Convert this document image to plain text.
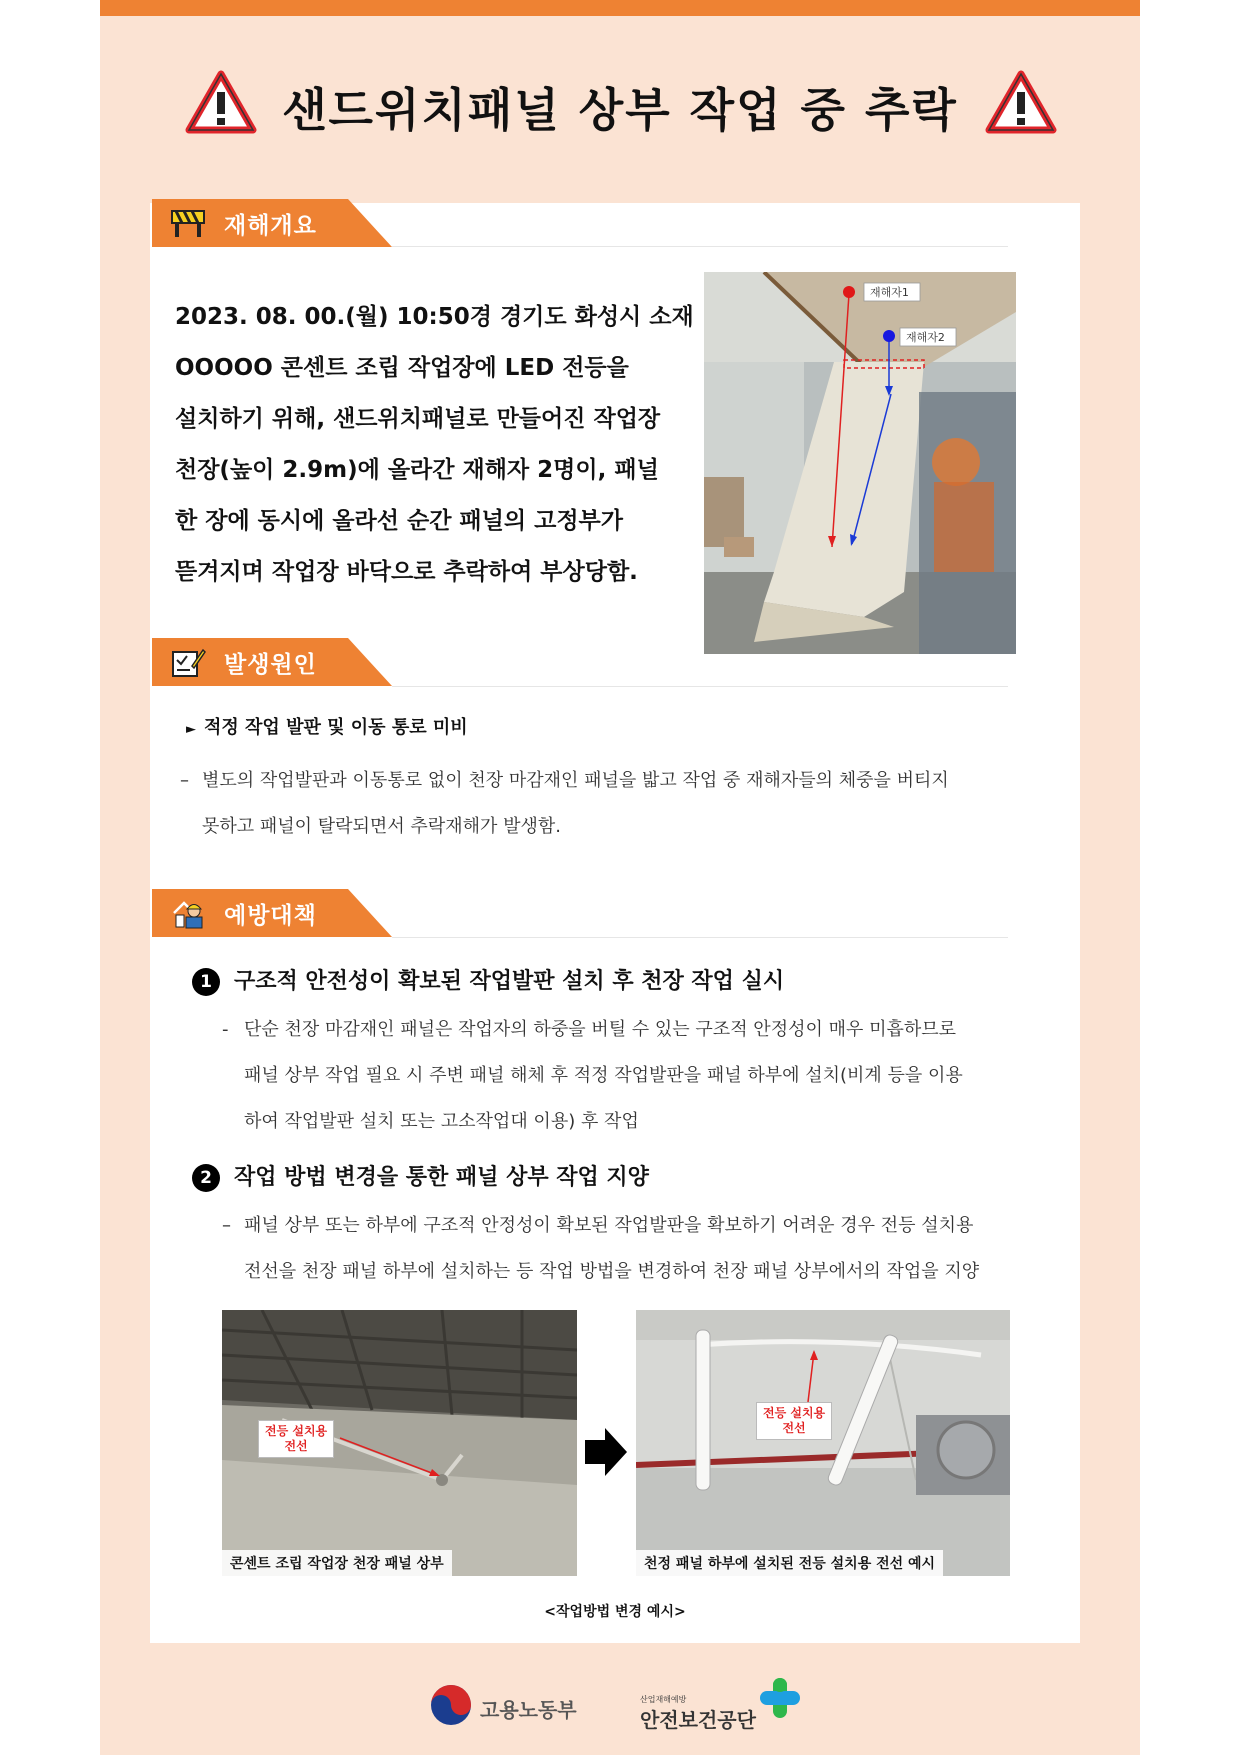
샌드위치패널 상부 작업 중 추락
재해개요
2023. 08. 00.(월) 10:50경 경기도 화성시 소재
OOOOO 콘센트 조립 작업장에 LED 전등을
설치하기 위해, 샌드위치패널로 만들어진 작업장
천장(높이 2.9m)에 올라간 재해자 2명이, 패널
한 장에 동시에 올라선 순간 패널의 고정부가
뜯겨지며 작업장 바닥으로 추락하여 부상당함.
재해자1
재해자2
발생원인
► 적정 작업 발판 및 이동 통로 미비
– 별도의 작업발판과 이동통로 없이 천장 마감재인 패널을 밟고 작업 중 재해자들의 체중을 버티지
못하고 패널이 탈락되면서 추락재해가 발생함.
예방대책
1 구조적 안전성이 확보된 작업발판 설치 후 천장 작업 실시
- 단순 천장 마감재인 패널은 작업자의 하중을 버틸 수 있는 구조적 안정성이 매우 미흡하므로
패널 상부 작업 필요 시 주변 패널 해체 후 적정 작업발판을 패널 하부에 설치(비계 등을 이용
하여 작업발판 설치 또는 고소작업대 이용) 후 작업
2 작업 방법 변경을 통한 패널 상부 작업 지양
– 패널 상부 또는 하부에 구조적 안정성이 확보된 작업발판을 확보하기 어려운 경우 전등 설치용
전선을 천장 패널 하부에 설치하는 등 작업 방법을 변경하여 천장 패널 상부에서의 작업을 지양
전등 설치용
전선
콘센트 조립 작업장 천장 패널 상부
전등 설치용
전선
천정 패널 하부에 설치된 전등 설치용 전선 예시
<작업방법 변경 예시>
고용노동부	산업재해예방
안전보건공단
